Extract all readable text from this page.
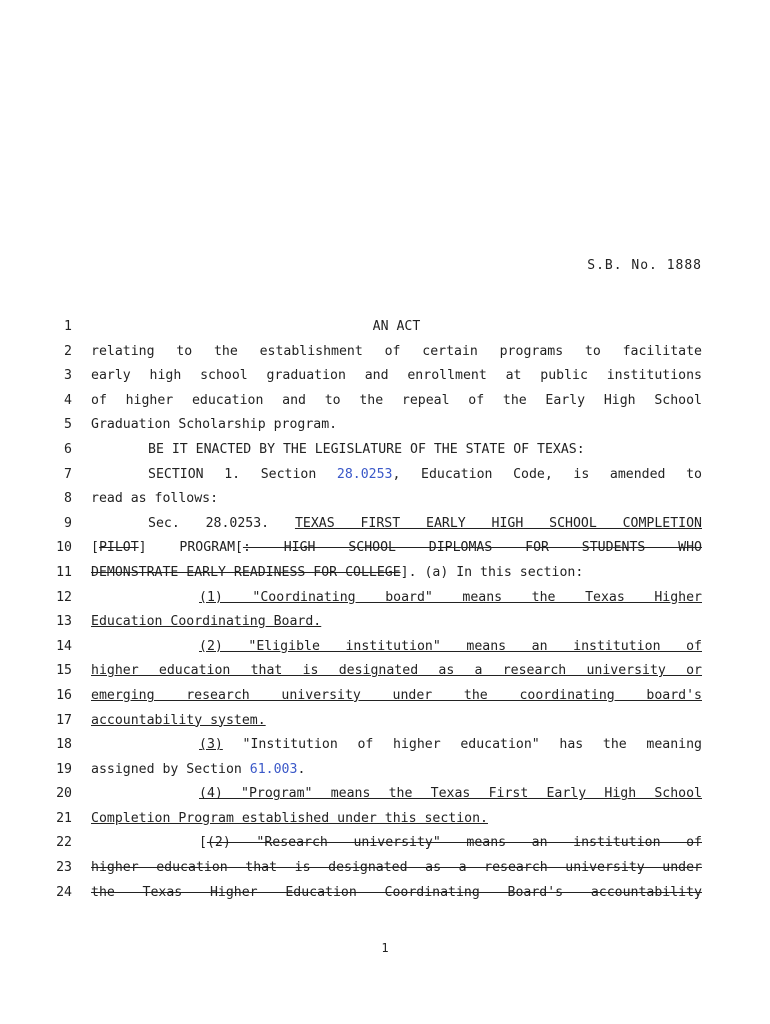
S.B. No. 1888
1	AN ACT
2 relating to the establishment of certain programs to facilitate
3 early high school graduation and enrollment at public institutions
4 of higher education and to the repeal of the Early High School
5 Graduation Scholarship program.
6	BE IT ENACTED BY THE LEGISLATURE OF THE STATE OF TEXAS:
7	SECTION 1. Section 28.0253, Education Code, is amended to
8 read as follows:
9	Sec. 28.0253. TEXAS FIRST EARLY HIGH SCHOOL COMPLETION
10 [PILOT] PROGRAM[: HIGH SCHOOL DIPLOMAS FOR STUDENTS WHO
11 DEMONSTRATE EARLY READINESS FOR COLLEGE]. (a) In this section:
12	(1) "Coordinating board" means the Texas Higher
13 Education Coordinating Board.
14	(2) "Eligible institution" means an institution of
15 higher education that is designated as a research university or
16 emerging research university under the coordinating board's
17 accountability system.
18	(3) "Institution of higher education" has the meaning
19 assigned by Section 61.003.
20	(4) "Program" means the Texas First Early High School
21 Completion Program established under this section.
22	[(2) "Research university" means an institution of
23 higher education that is designated as a research university under
24 the Texas Higher Education Coordinating Board's accountability
1
